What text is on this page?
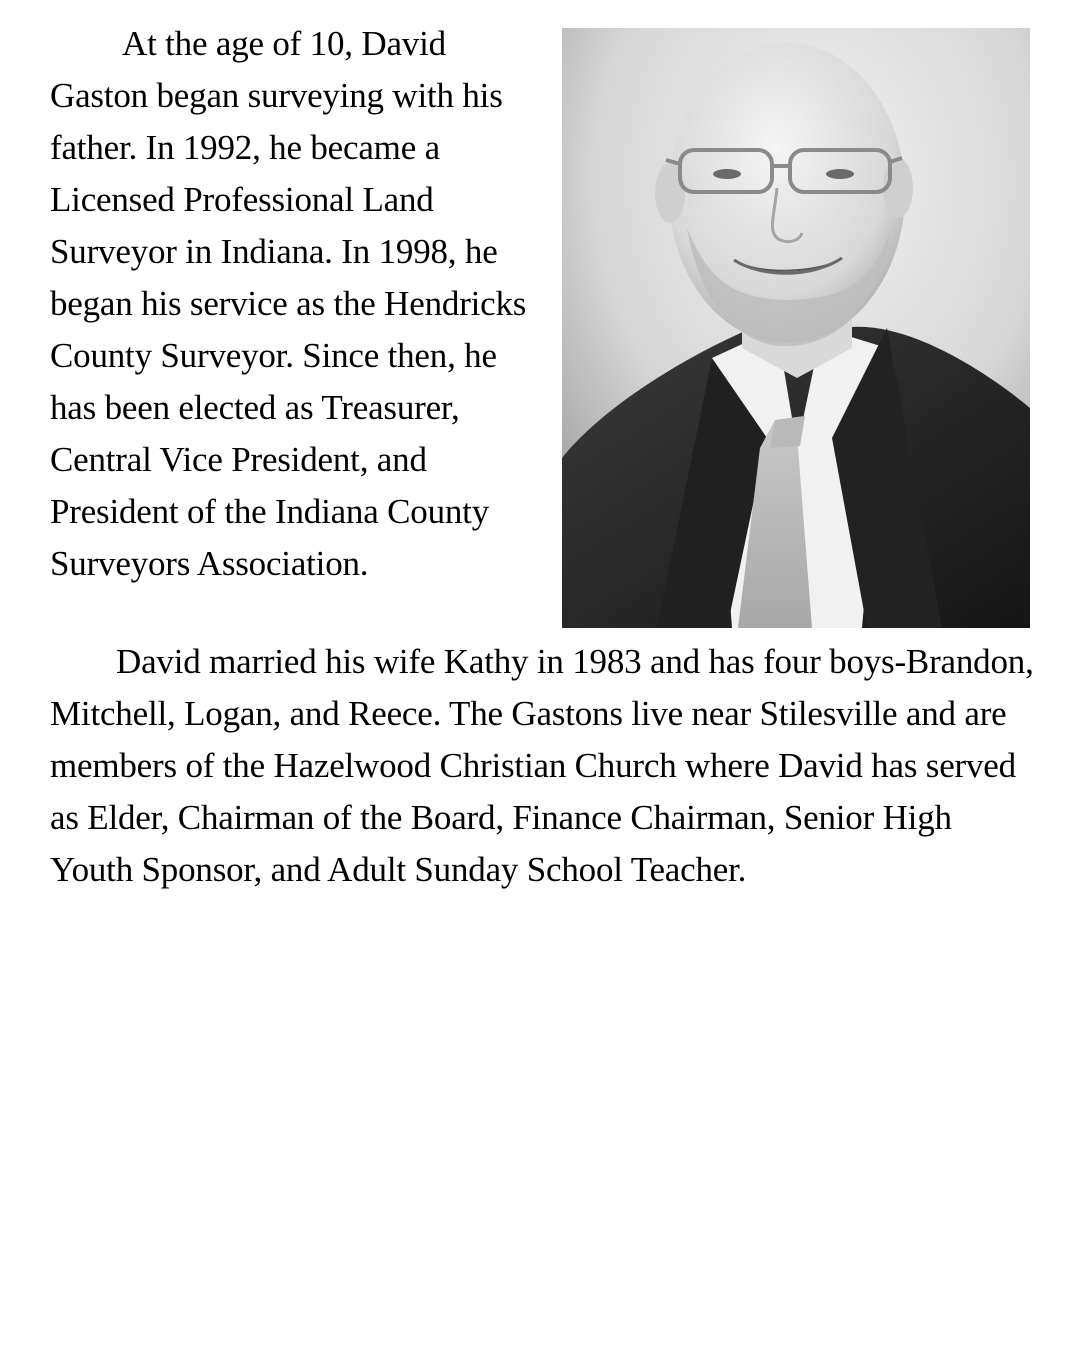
At the age of 10, David Gaston began surveying with his father. In 1992, he became a Licensed Professional Land Surveyor in Indiana. In 1998, he began his service as the Hendricks County Surveyor. Since then, he has been elected as Treasurer, Central Vice President, and President of the Indiana County Surveyors Association.

David married his wife Kathy in 1983 and has four boys-Brandon, Mitchell, Logan, and Reece. The Gastons live near Stilesville and are members of the Hazelwood Christian Church where David has served as Elder, Chairman of the Board, Finance Chairman, Senior High Youth Sponsor, and Adult Sunday School Teacher.
